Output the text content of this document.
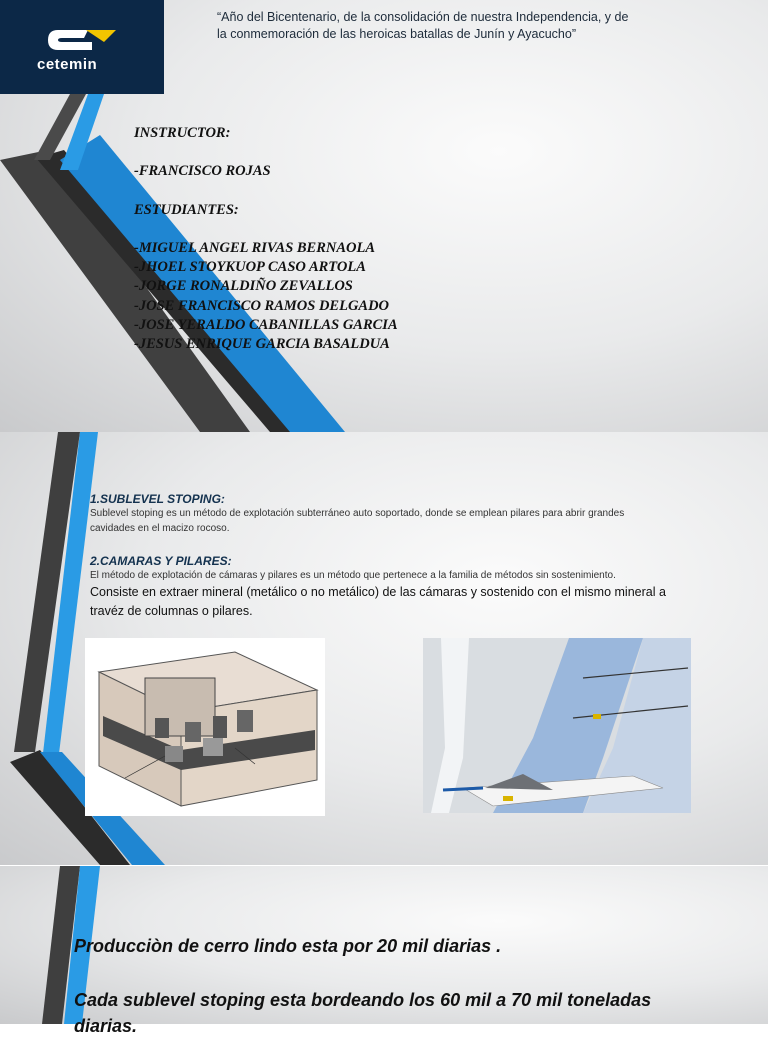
cetemin
“Año del Bicentenario, de la consolidación de nuestra Independencia, y de
la conmemoración de las heroicas batallas de Junín y Ayacucho”
INSTRUCTOR:
-FRANCISCO ROJAS
ESTUDIANTES:
-MIGUEL ANGEL RIVAS BERNAOLA
-JHOEL STOYKUOP CASO ARTOLA
-JORGE RONALDIÑO ZEVALLOS
-JOSE FRANCISCO RAMOS DELGADO
-JOSE YERALDO CABANILLAS GARCIA
-JESUS ENRIQUE GARCIA BASALDUA
1.SUBLEVEL STOPING:
Sublevel stoping es un método de explotación subterráneo auto soportado, donde se emplean pilares para abrir grandes
cavidades en el macizo rocoso.
2.CAMARAS Y PILARES:
El método de explotación de cámaras y pilares es un método que pertenece a la familia de métodos sin sostenimiento.
Consiste en extraer mineral (metálico o no metálico) de las cámaras y sostenido con el mismo mineral a
travéz de columnas o pilares.
Producciòn de cerro lindo esta por 20 mil diarias .
Cada sublevel stoping esta bordeando los 60 mil a 70 mil toneladas
diarias.
